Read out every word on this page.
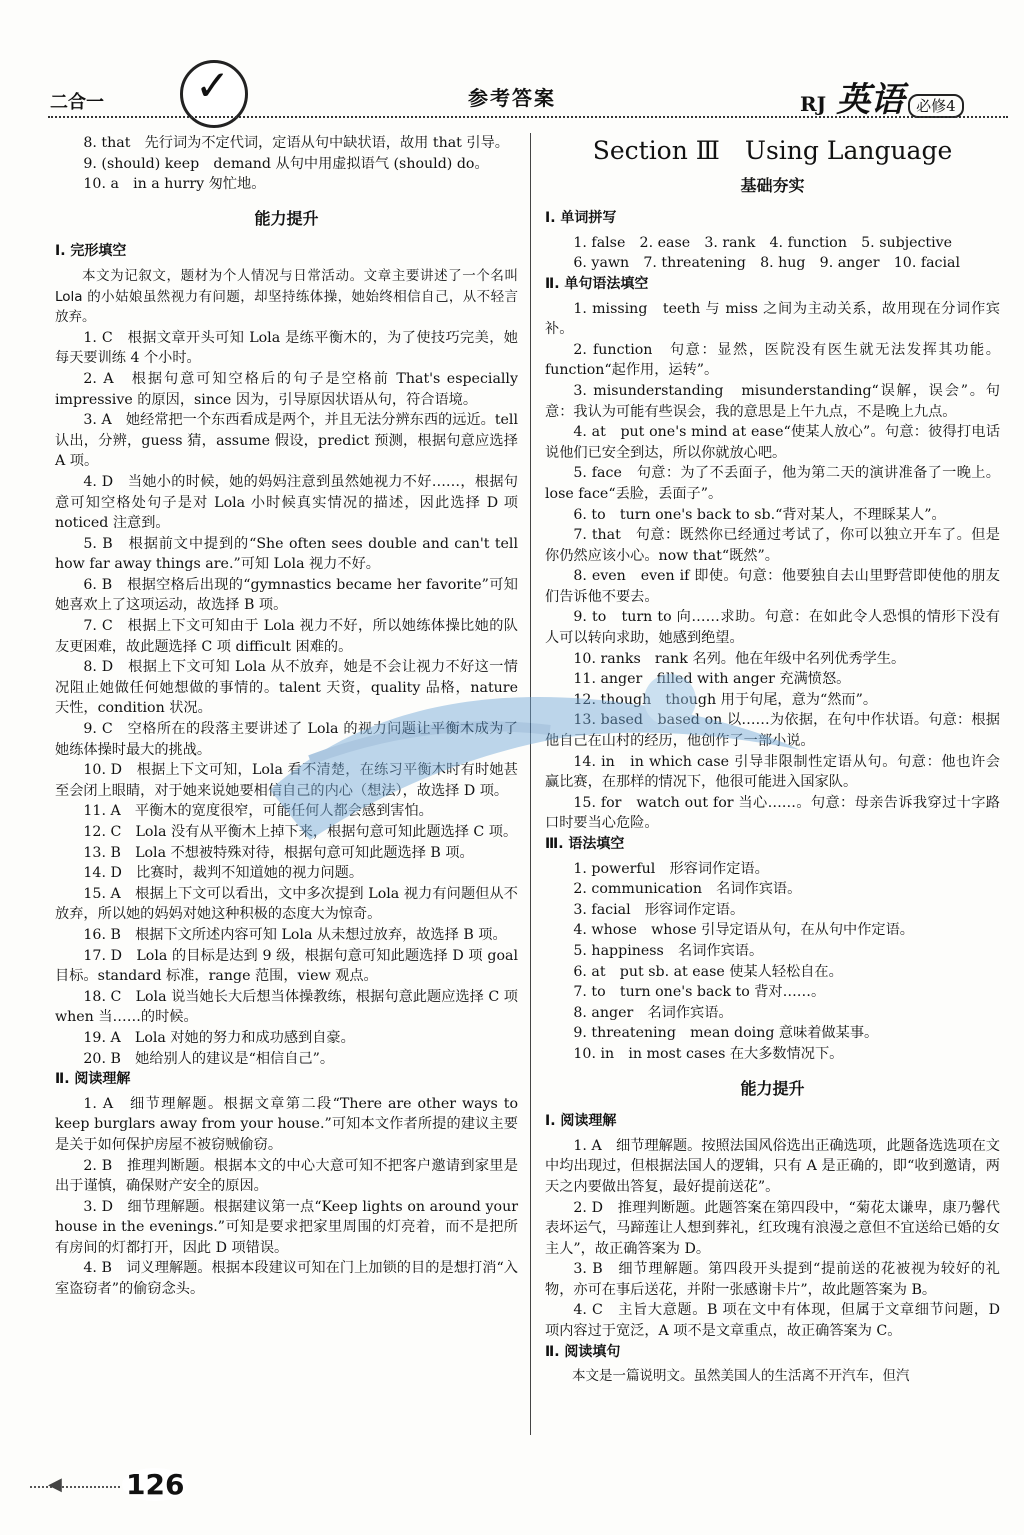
二合一 ✓	参考答案	RJ 英语 必修4

8. that　先行词为不定代词，定语从句中缺状语，故用 that 引导。

9. (should) keep　demand 从句中用虚拟语气 (should) do。

10. a　in a hurry 匆忙地。

能力提升

Ⅰ. 完形填空

本文为记叙文，题材为个人情况与日常活动。文章主要讲述了一个名叫 Lola 的小姑娘虽然视力有问题，却坚持练体操，她始终相信自己，从不轻言放弃。

1. C　根据文章开头可知 Lola 是练平衡木的，为了使技巧完美，她每天要训练 4 个小时。

2. A　根据句意可知空格后的句子是空格前 That's especially impressive 的原因，since 因为，引导原因状语从句，符合语境。

3. A　她经常把一个东西看成是两个，并且无法分辨东西的远近。tell 认出，分辨，guess 猜，assume 假设，predict 预测，根据句意应选择 A 项。

4. D　当她小的时候，她的妈妈注意到虽然她视力不好……，根据句意可知空格处句子是对 Lola 小时候真实情况的描述，因此选择 D 项 noticed 注意到。

5. B　根据前文中提到的“She often sees double and can't tell how far away things are.”可知 Lola 视力不好。

6. B　根据空格后出现的“gymnastics became her favorite”可知她喜欢上了这项运动，故选择 B 项。

7. C　根据上下文可知由于 Lola 视力不好，所以她练体操比她的队友更困难，故此题选择 C 项 difficult 困难的。

8. D　根据上下文可知 Lola 从不放弃，她是不会让视力不好这一情况阻止她做任何她想做的事情的。talent 天资，quality 品格，nature 天性，condition 状况。

9. C　空格所在的段落主要讲述了 Lola 的视力问题让平衡木成为了她练体操时最大的挑战。

10. D　根据上下文可知，Lola 看不清楚，在练习平衡木时有时她甚至会闭上眼睛，对于她来说她要相信自己的内心（想法），故选择 D 项。

11. A　平衡木的宽度很窄，可能任何人都会感到害怕。

12. C　Lola 没有从平衡木上掉下来，根据句意可知此题选择 C 项。

13. B　Lola 不想被特殊对待，根据句意可知此题选择 B 项。

14. D　比赛时，裁判不知道她的视力问题。

15. A　根据上下文可以看出，文中多次提到 Lola 视力有问题但从不放弃，所以她的妈妈对她这种积极的态度大为惊奇。

16. B　根据下文所述内容可知 Lola 从未想过放弃，故选择 B 项。

17. D　Lola 的目标是达到 9 级，根据句意可知此题选择 D 项 goal 目标。standard 标准，range 范围，view 观点。

18. C　Lola 说当她长大后想当体操教练，根据句意此题应选择 C 项 when 当……的时候。

19. A　Lola 对她的努力和成功感到自豪。

20. B　她给别人的建议是“相信自己”。

Ⅱ. 阅读理解

1. A　细节理解题。根据文章第二段“There are other ways to keep burglars away from your house.”可知本文作者所提的建议主要是关于如何保护房屋不被窃贼偷窃。

2. B　推理判断题。根据本文的中心大意可知不把客户邀请到家里是出于谨慎，确保财产安全的原因。

3. D　细节理解题。根据建议第一点“Keep lights on around your house in the evenings.”可知是要求把家里周围的灯亮着，而不是把所有房间的灯都打开，因此 D 项错误。

4. B　词义理解题。根据本段建议可知在门上加锁的目的是想打消“入室盗窃者”的偷窃念头。

Section Ⅲ　Using Language
基础夯实

Ⅰ. 单词拼写

1. false　2. ease　3. rank　4. function　5. subjective

6. yawn　7. threatening　8. hug　9. anger　10. facial

Ⅱ. 单句语法填空

1. missing　teeth 与 miss 之间为主动关系，故用现在分词作宾补。

2. function　句意：显然，医院没有医生就无法发挥其功能。function“起作用，运转”。

3. misunderstanding　misunderstanding“误解，误会”。句意：我认为可能有些误会，我的意思是上午九点，不是晚上九点。

4. at　put one's mind at ease“使某人放心”。句意：彼得打电话说他们已安全到达，所以你就放心吧。

5. face　句意：为了不丢面子，他为第二天的演讲准备了一晚上。lose face“丢脸，丢面子”。

6. to　turn one's back to sb.“背对某人，不理睬某人”。

7. that　句意：既然你已经通过考试了，你可以独立开车了。但是你仍然应该小心。now that“既然”。

8. even　even if 即使。句意：他要独自去山里野营即使他的朋友们告诉他不要去。

9. to　turn to 向……求助。句意：在如此令人恐惧的情形下没有人可以转向求助，她感到绝望。

10. ranks　rank 名列。他在年级中名列优秀学生。

11. anger　filled with anger 充满愤怒。

12. though　though 用于句尾，意为“然而”。

13. based　based on 以……为依据，在句中作状语。句意：根据他自己在山村的经历，他创作了一部小说。

14. in　in which case 引导非限制性定语从句。句意：他也许会赢比赛，在那样的情况下，他很可能进入国家队。

15. for　watch out for 当心……。句意：母亲告诉我穿过十字路口时要当心危险。

Ⅲ. 语法填空

1. powerful　形容词作定语。

2. communication　名词作宾语。

3. facial　形容词作定语。

4. whose　whose 引导定语从句，在从句中作定语。

5. happiness　名词作宾语。

6. at　put sb. at ease 使某人轻松自在。

7. to　turn one's back to 背对……。

8. anger　名词作宾语。

9. threatening　mean doing 意味着做某事。

10. in　in most cases 在大多数情况下。

能力提升

Ⅰ. 阅读理解

1. A　细节理解题。按照法国风俗选出正确选项，此题备选选项在文中均出现过，但根据法国人的逻辑，只有 A 是正确的，即“收到邀请，两天之内要做出答复，最好提前送花”。

2. D　推理判断题。此题答案在第四段中，“菊花太谦卑，康乃馨代表坏运气，马蹄莲让人想到葬礼，红玫瑰有浪漫之意但不宜送给已婚的女主人”，故正确答案为 D。

3. B　细节理解题。第四段开头提到“提前送的花被视为较好的礼物，亦可在事后送花，并附一张感谢卡片”，故此题答案为 B。

4. C　主旨大意题。B 项在文中有体现，但属于文章细节问题，D 项内容过于宽泛，A 项不是文章重点，故正确答案为 C。

Ⅱ. 阅读填句

本文是一篇说明文。虽然美国人的生活离不开汽车，但汽

◀ 126
